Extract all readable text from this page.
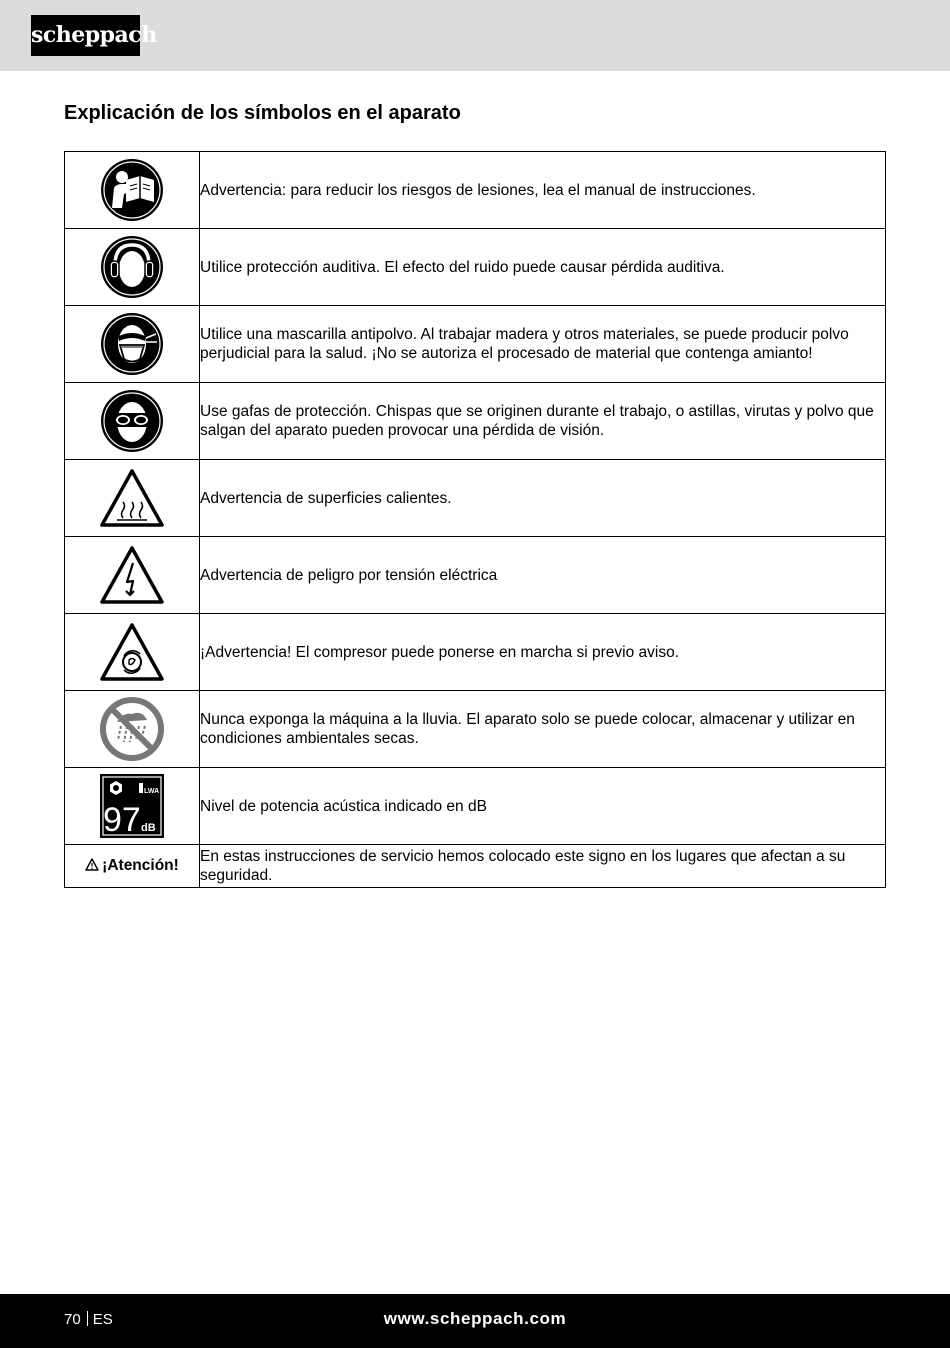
scheppach
Explicación de los símbolos en el aparato
	Advertencia: para reducir los riesgos de lesiones, lea el manual de instrucciones.

	Utilice protección auditiva. El efecto del ruido puede causar pérdida auditiva.

	Utilice una mascarilla antipolvo. Al trabajar madera y otros materiales, se puede producir polvo perjudicial para la salud. ¡No se autoriza el procesado de material que contenga amianto!

	Use gafas de protección. Chispas que se originen durante el trabajo, o astillas, virutas y polvo que salgan del aparato pueden provocar una pérdida de visión.

	Advertencia de superficies calientes.

	Advertencia de peligro por tensión eléctrica

	¡Advertencia! El compresor puede ponerse en marcha si previo aviso.

	Nunca exponga la máquina a la lluvia. El aparato solo se puede colocar, almacenar y utilizar en condiciones ambientales secas.

LWA
97 dB	Nivel de potencia acústica indicado en dB
¡Atención!	En estas instrucciones de servicio hemos colocado este signo en los lugares que afectan a su seguridad.
70 ES	www.scheppach.com
